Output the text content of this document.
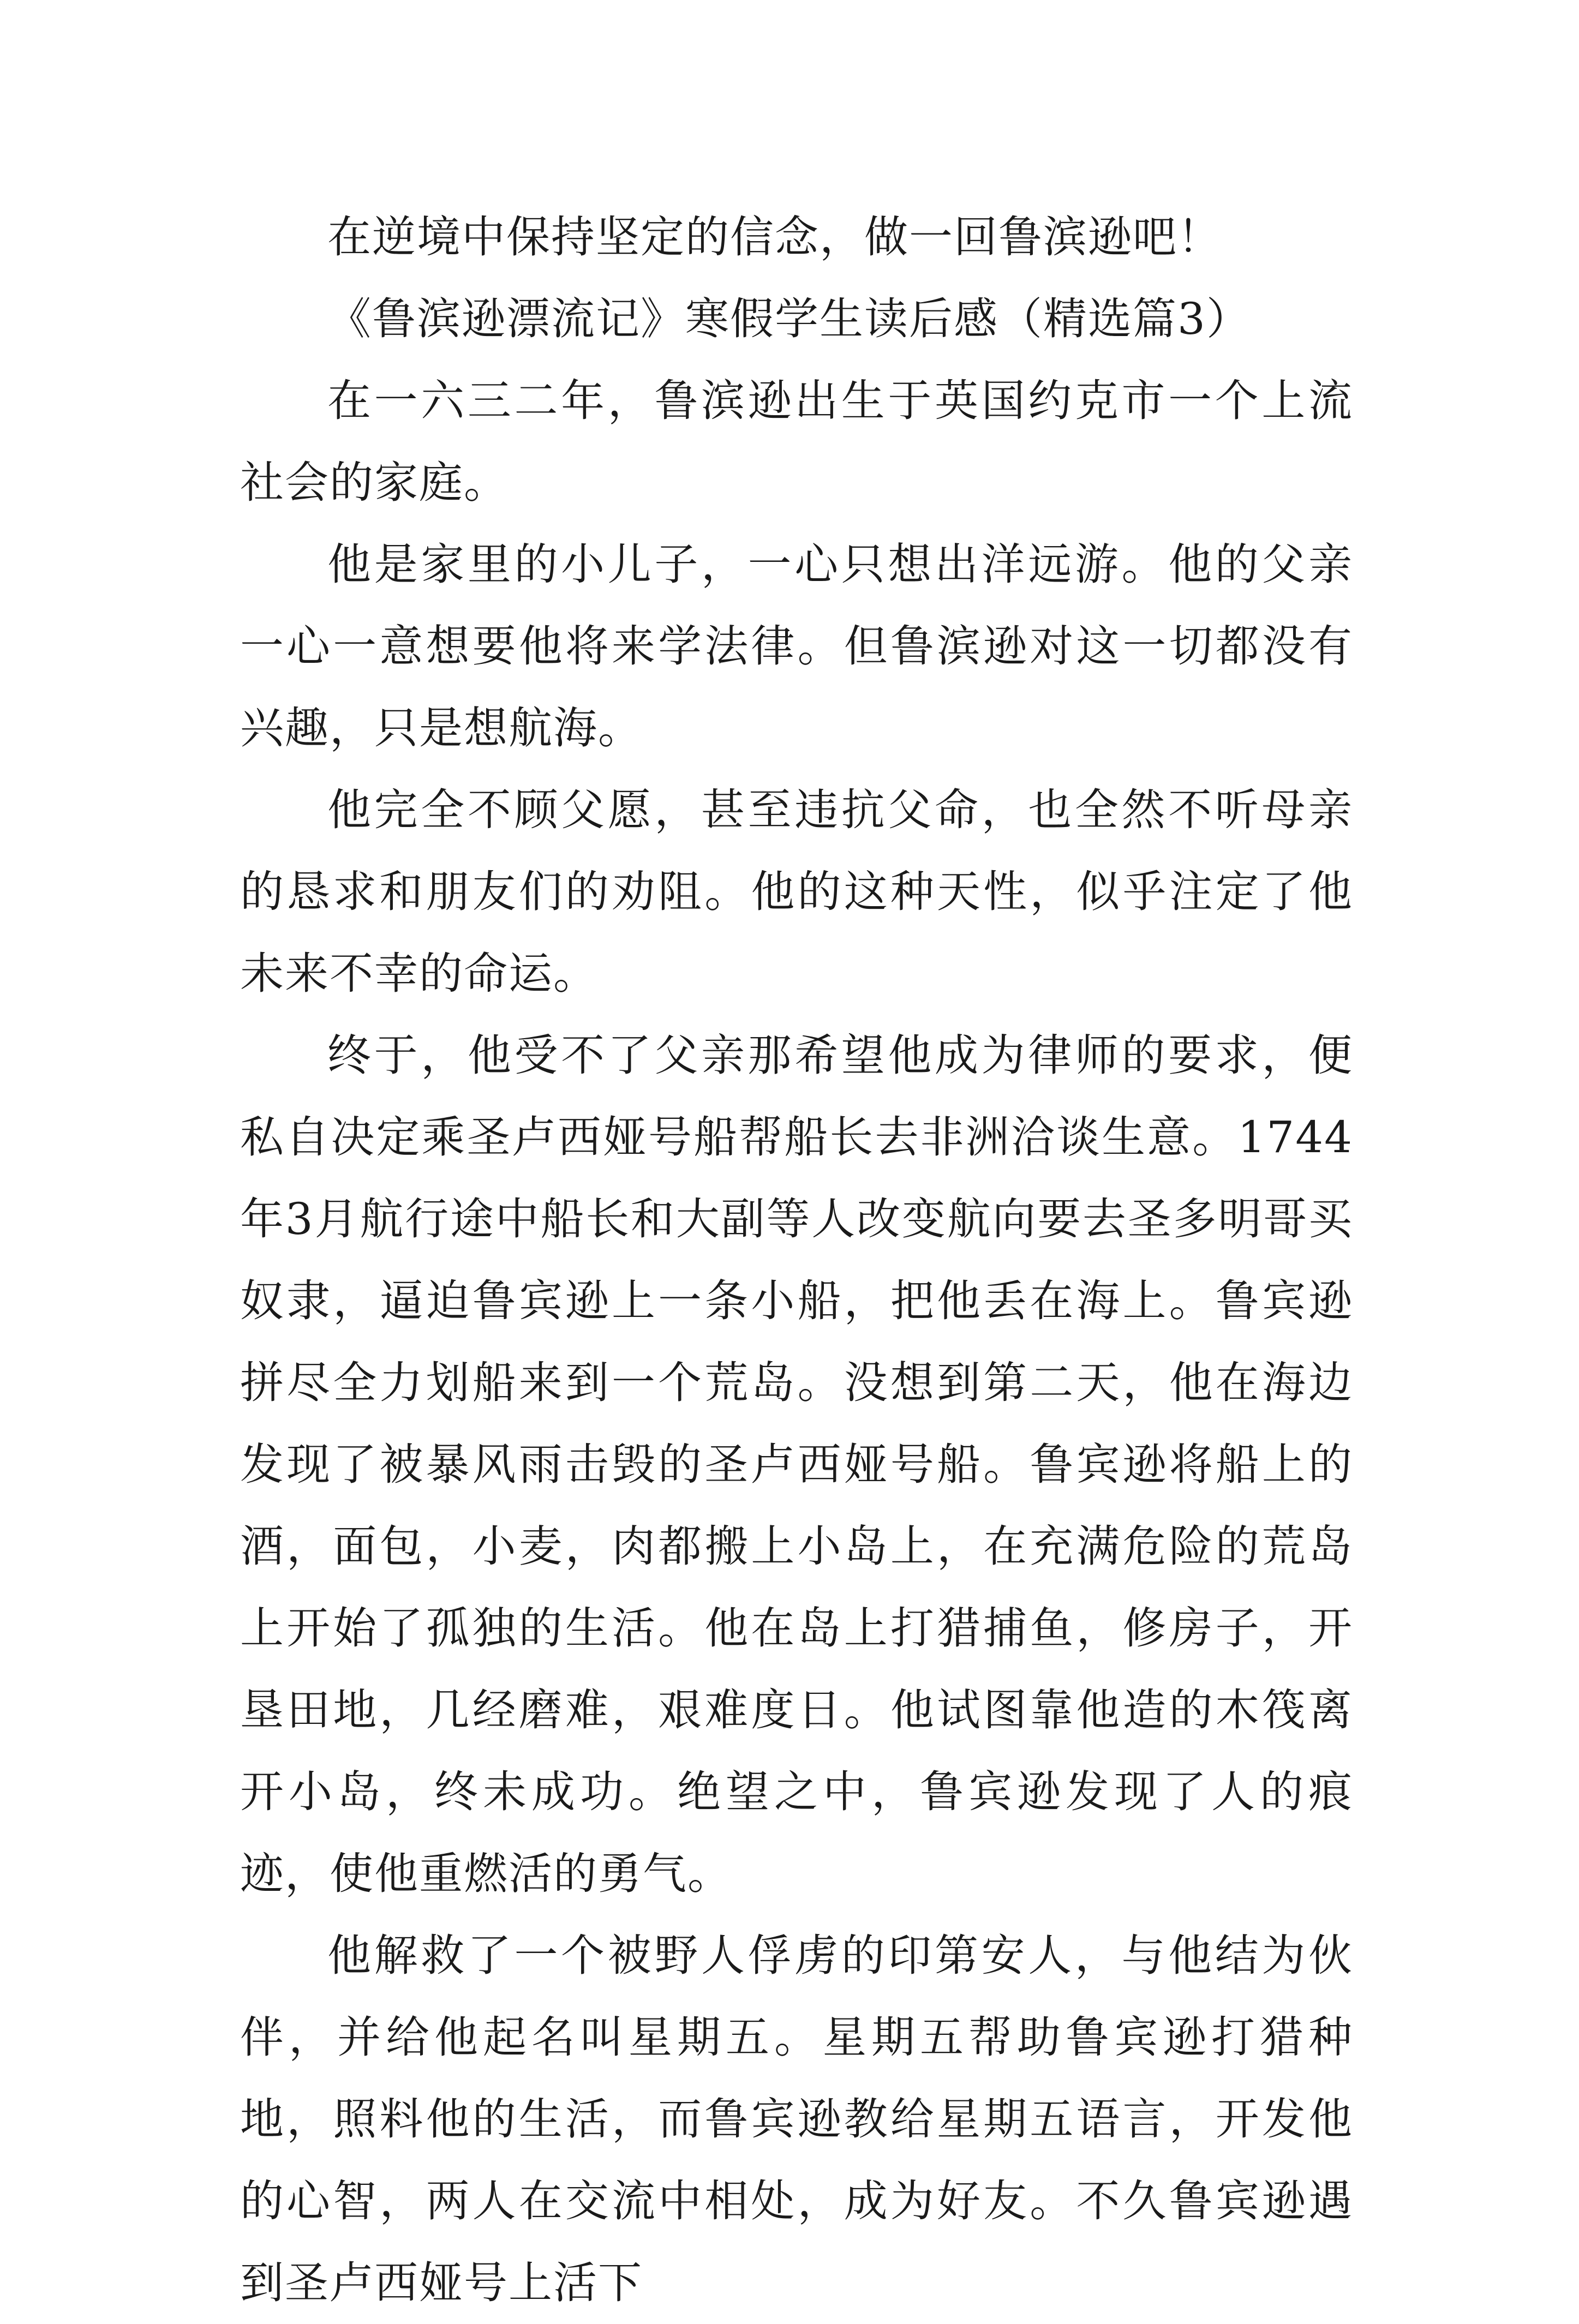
在逆境中保持坚定的信念，做一回鲁滨逊吧！

《鲁滨逊漂流记》寒假学生读后感（精选篇3）

在一六三二年，鲁滨逊出生于英国约克市一个上流社会的家庭。

他是家里的小儿子，一心只想出洋远游。他的父亲一心一意想要他将来学法律。但鲁滨逊对这一切都没有兴趣，只是想航海。

他完全不顾父愿，甚至违抗父命，也全然不听母亲的恳求和朋友们的劝阻。他的这种天性，似乎注定了他未来不幸的命运。

终于，他受不了父亲那希望他成为律师的要求，便私自决定乘圣卢西娅号船帮船长去非洲洽谈生意。1744年3月航行途中船长和大副等人改变航向要去圣多明哥买奴隶，逼迫鲁宾逊上一条小船，把他丢在海上。鲁宾逊拼尽全力划船来到一个荒岛。没想到第二天，他在海边发现了被暴风雨击毁的圣卢西娅号船。鲁宾逊将船上的酒，面包，小麦，肉都搬上小岛上，在充满危险的荒岛上开始了孤独的生活。他在岛上打猎捕鱼，修房子，开垦田地，几经磨难，艰难度日。他试图靠他造的木筏离开小岛，终未成功。绝望之中，鲁宾逊发现了人的痕迹，使他重燃活的勇气。

他解救了一个被野人俘虏的印第安人，与他结为伙伴，并给他起名叫星期五。星期五帮助鲁宾逊打猎种地，照料他的生活，而鲁宾逊教给星期五语言，开发他的心智，两人在交流中相处，成为好友。不久鲁宾逊遇到圣卢西娅号上活下
